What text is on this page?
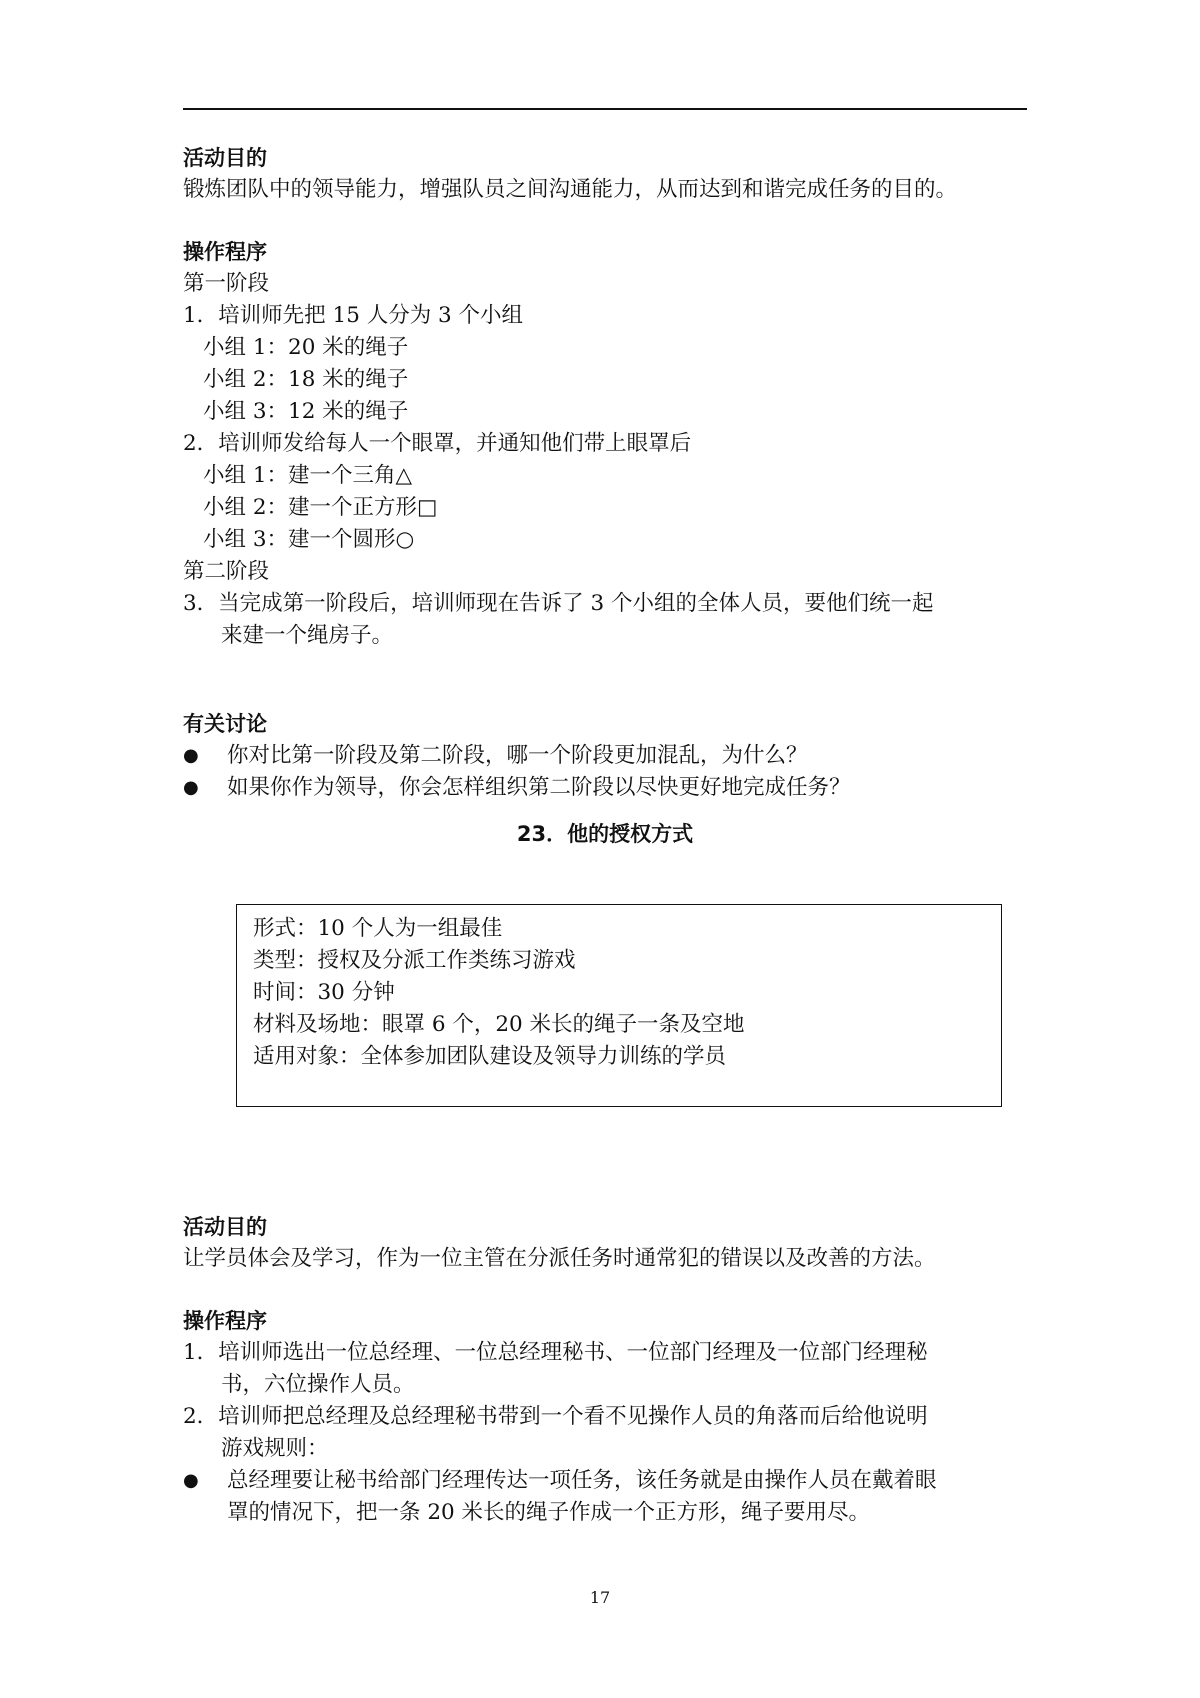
活动目的
锻炼团队中的领导能力，增强队员之间沟通能力，从而达到和谐完成任务的目的。
操作程序
第一阶段
1．培训师先把 15 人分为 3 个小组
小组 1：20 米的绳子
小组 2：18 米的绳子
小组 3：12 米的绳子
2．培训师发给每人一个眼罩，并通知他们带上眼罩后
小组 1：建一个三角△
小组 2：建一个正方形□
小组 3：建一个圆形○
第二阶段
3．当完成第一阶段后，培训师现在告诉了 3 个小组的全体人员，要他们统一起
来建一个绳房子。
有关讨论
●	你对比第一阶段及第二阶段，哪一个阶段更加混乱，为什么？
●	如果你作为领导，你会怎样组织第二阶段以尽快更好地完成任务？
23．他的授权方式
形式：10 个人为一组最佳
类型：授权及分派工作类练习游戏
时间：30 分钟
材料及场地：眼罩 6 个，20 米长的绳子一条及空地
适用对象：全体参加团队建设及领导力训练的学员
活动目的
让学员体会及学习，作为一位主管在分派任务时通常犯的错误以及改善的方法。
操作程序
1．培训师选出一位总经理、一位总经理秘书、一位部门经理及一位部门经理秘
书，六位操作人员。
2．培训师把总经理及总经理秘书带到一个看不见操作人员的角落而后给他说明
游戏规则：
●	总经理要让秘书给部门经理传达一项任务，该任务就是由操作人员在戴着眼
罩的情况下，把一条 20 米长的绳子作成一个正方形，绳子要用尽。
17
